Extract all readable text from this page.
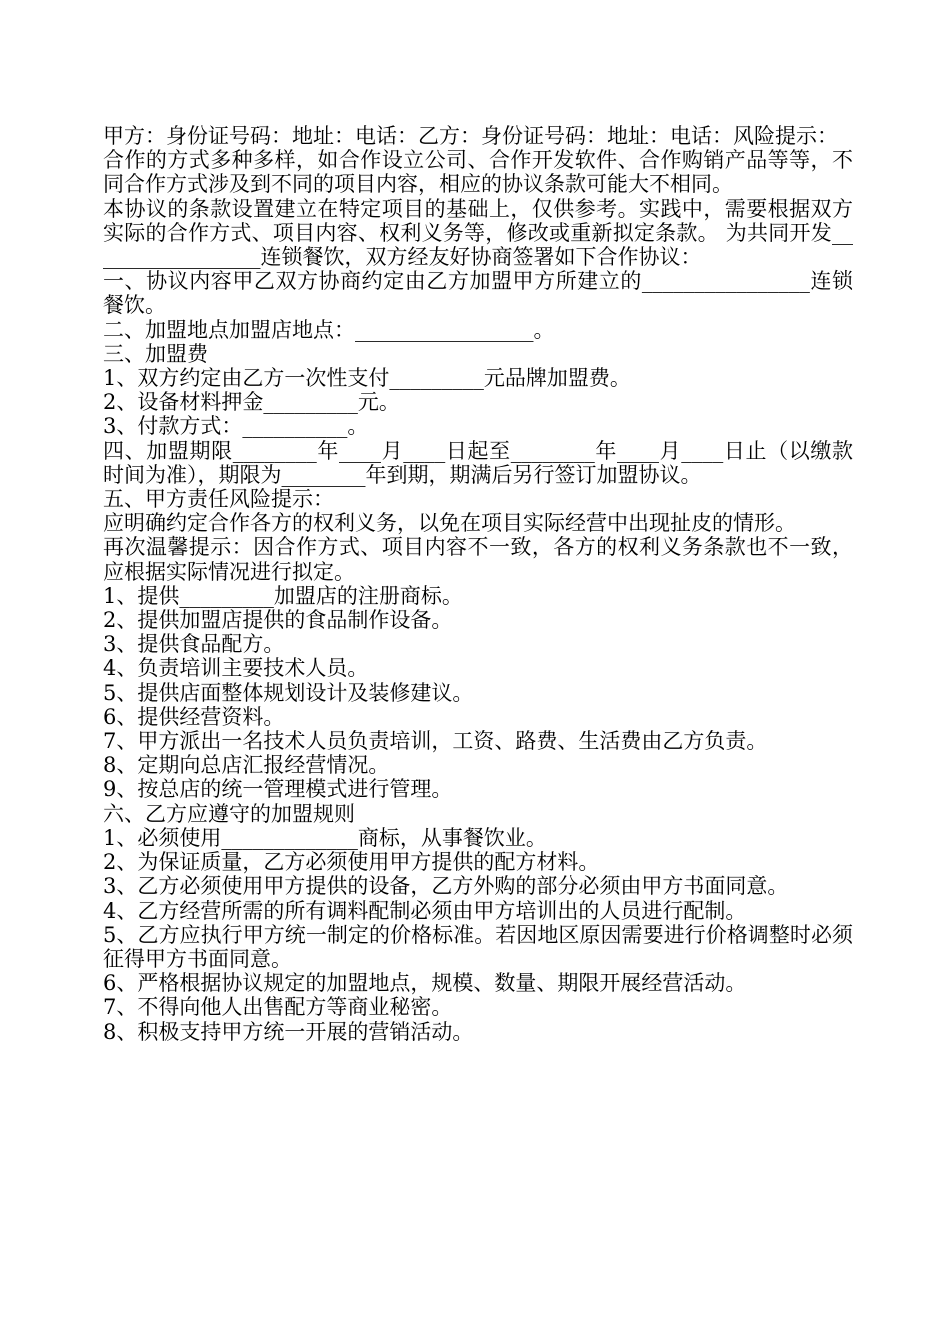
甲方：身份证号码：地址：电话：乙方：身份证号码：地址：电话：风险提示：

合作的方式多种多样，如合作设立公司、合作开发软件、合作购销产品等等，不同合作方式涉及到不同的项目内容，相应的协议条款可能大不相同。

本协议的条款设置建立在特定项目的基础上，仅供参考。实践中，需要根据双方实际的合作方式、项目内容、权利义务等，修改或重新拟定条款。 为共同开发_________________连锁餐饮，双方经友好协商签署如下合作协议：

一、协议内容甲乙双方协商约定由乙方加盟甲方所建立的________________连锁餐饮。

二、加盟地点加盟店地点：_________________。

三、加盟费

1、双方约定由乙方一次性支付_________元品牌加盟费。

2、设备材料押金_________元。

3、付款方式：__________。

四、加盟期限________年____月____日起至________年____月____日止（以缴款时间为准），期限为________年到期，期满后另行签订加盟协议。

五、甲方责任风险提示：

应明确约定合作各方的权利义务，以免在项目实际经营中出现扯皮的情形。

再次温馨提示：因合作方式、项目内容不一致，各方的权利义务条款也不一致，应根据实际情况进行拟定。

1、提供_________加盟店的注册商标。

2、提供加盟店提供的食品制作设备。

3、提供食品配方。

4、负责培训主要技术人员。

5、提供店面整体规划设计及装修建议。

6、提供经营资料。

7、甲方派出一名技术人员负责培训，工资、路费、生活费由乙方负责。

8、定期向总店汇报经营情况。

9、按总店的统一管理模式进行管理。

六、乙方应遵守的加盟规则

1、必须使用_____________商标，从事餐饮业。

2、为保证质量，乙方必须使用甲方提供的配方材料。

3、乙方必须使用甲方提供的设备，乙方外购的部分必须由甲方书面同意。

4、乙方经营所需的所有调料配制必须由甲方培训出的人员进行配制。

5、乙方应执行甲方统一制定的价格标准。若因地区原因需要进行价格调整时必须征得甲方书面同意。

6、严格根据协议规定的加盟地点，规模、数量、期限开展经营活动。

7、不得向他人出售配方等商业秘密。

8、积极支持甲方统一开展的营销活动。
